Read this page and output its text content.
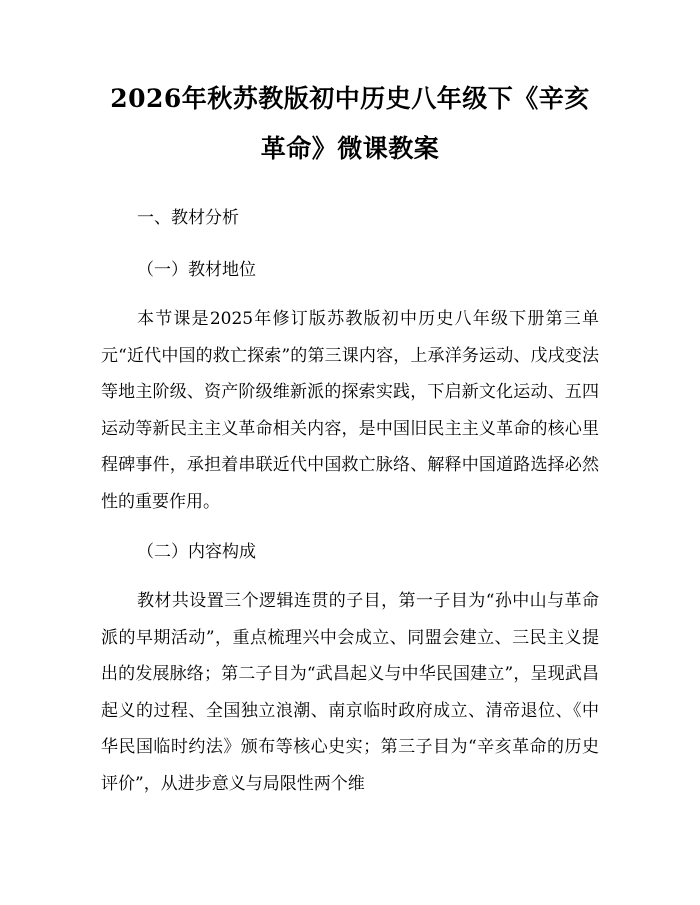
2026年秋苏教版初中历史八年级下《辛亥革命》微课教案

一、教材分析

（一）教材地位

本节课是2025年修订版苏教版初中历史八年级下册第三单元“近代中国的救亡探索”的第三课内容，上承洋务运动、戊戌变法等地主阶级、资产阶级维新派的探索实践，下启新文化运动、五四运动等新民主主义革命相关内容，是中国旧民主主义革命的核心里程碑事件，承担着串联近代中国救亡脉络、解释中国道路选择必然性的重要作用。

（二）内容构成

教材共设置三个逻辑连贯的子目，第一子目为“孙中山与革命派的早期活动”，重点梳理兴中会成立、同盟会建立、三民主义提出的发展脉络；第二子目为“武昌起义与中华民国建立”，呈现武昌起义的过程、全国独立浪潮、南京临时政府成立、清帝退位、《中华民国临时约法》颁布等核心史实；第三子目为“辛亥革命的历史评价”，从进步意义与局限性两个维
